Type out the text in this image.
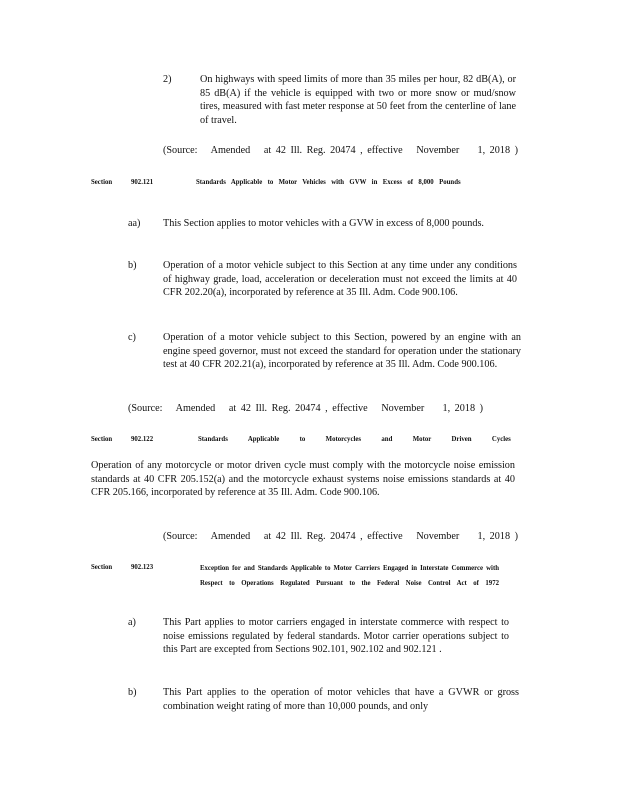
2)	On highways with speed limits of more than 35 miles per hour, 82 dB(A), or 85 dB(A) if the vehicle is equipped with two or more snow or mud/snow tires, measured with fast meter response at 50 feet from the centerline of lane of travel.
(Source:   Amended   at 42 Ill. Reg. 20474 , effective   November    1, 2018 )
Section	902.121	Standards Applicable to Motor Vehicles with GVW in Excess of 8,000 Pounds
aa) This Section applies to motor vehicles with a GVW in excess of 8,000 pounds.
b)	Operation of a motor vehicle subject to this Section at any time under any conditions of highway grade, load, acceleration or deceleration must not exceed the limits at 40 CFR 202.20(a), incorporated by reference at 35 Ill. Adm. Code 900.106.
c)	Operation of a motor vehicle subject to this Section, powered by an engine with an engine speed governor, must not exceed the standard for operation under the stationary test at 40 CFR 202.21(a), incorporated by reference at 35 Ill. Adm. Code 900.106.
(Source:   Amended   at 42 Ill. Reg. 20474 , effective   November    1, 2018 )
Section	902.122	Standards Applicable to Motorcycles and Motor Driven Cycles
Operation of any motorcycle or motor driven cycle must comply with the motorcycle noise emission standards at 40 CFR 205.152(a) and the motorcycle exhaust systems noise emissions standards at 40 CFR 205.166, incorporated by reference at 35 Ill. Adm. Code 900.106.
(Source:   Amended   at 42 Ill. Reg. 20474 , effective   November    1, 2018 )
Section	902.123	Exception for and Standards Applicable to Motor Carriers Engaged in Interstate Commerce with Respect to Operations Regulated Pursuant to the Federal Noise Control Act of 1972
a)	This Part applies to motor carriers engaged in interstate commerce with respect to noise emissions regulated by federal standards. Motor carrier operations subject to this Part are excepted from Sections 902.101, 902.102 and 902.121 .
b)	This Part applies to the operation of motor vehicles that have a GVWR or gross combination weight rating of more than 10,000 pounds, and only
